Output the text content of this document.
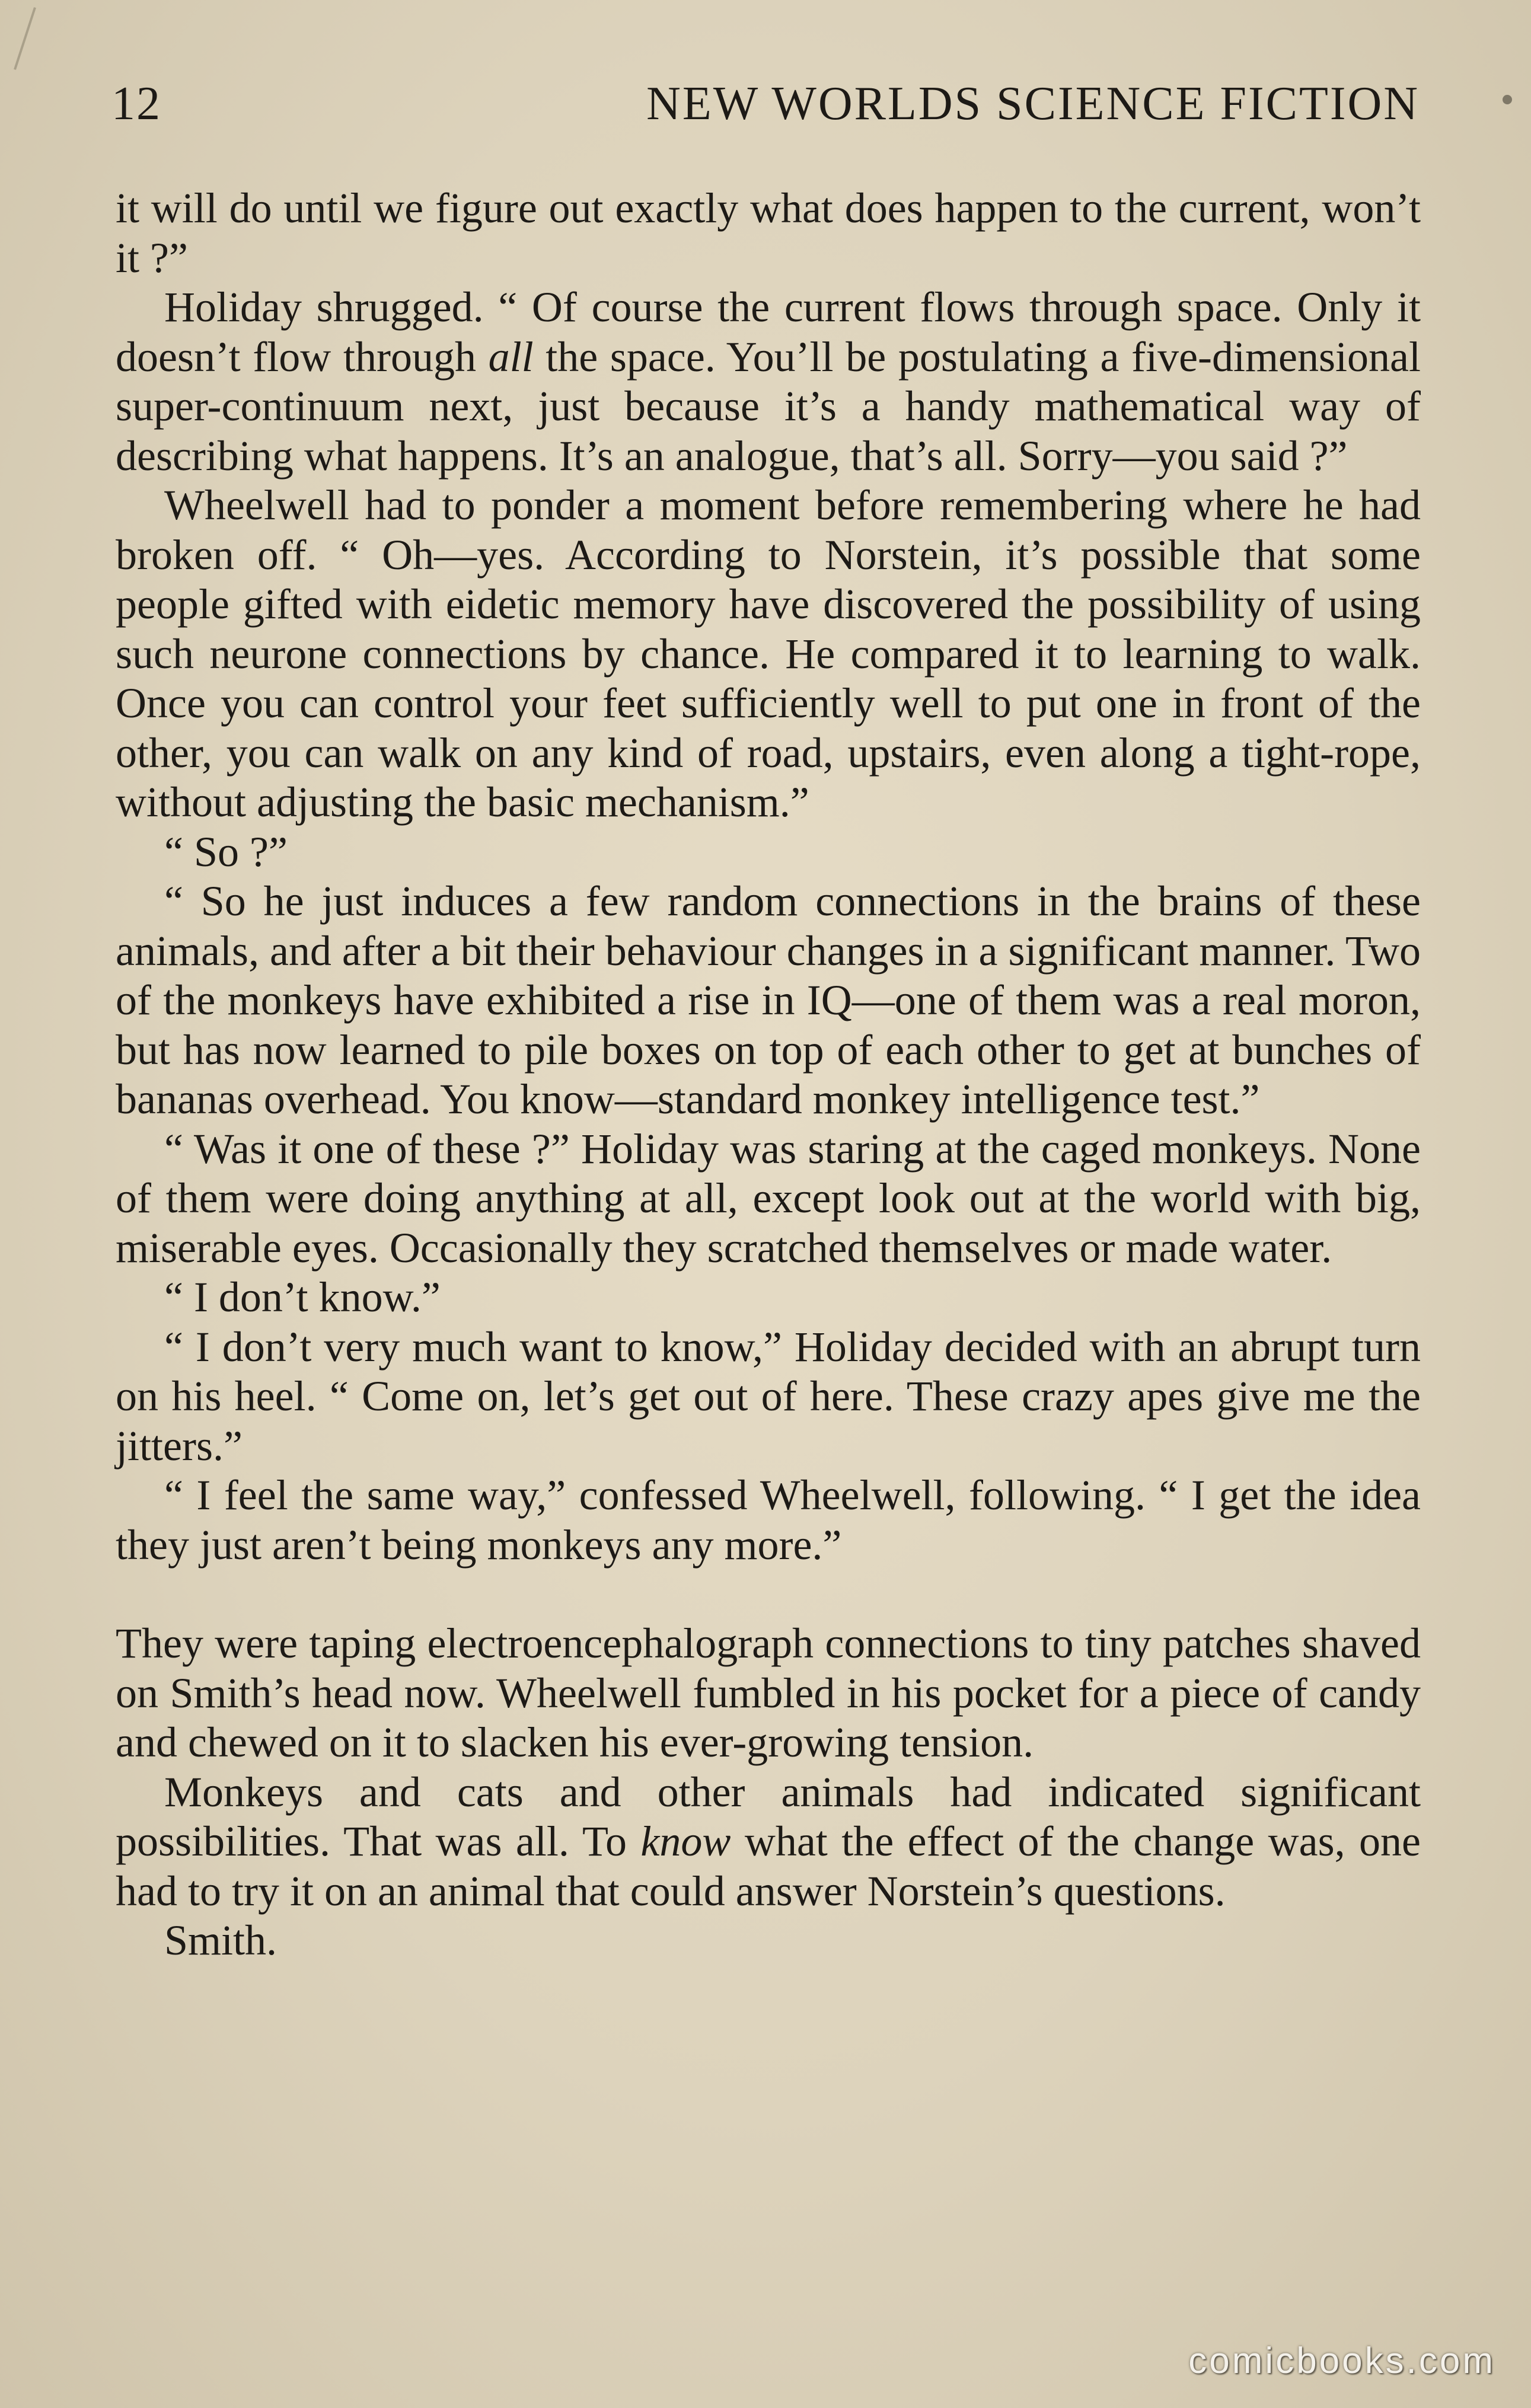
12	NEW WORLDS SCIENCE FICTION

it will do until we figure out exactly what does happen to the current, won’t it ?”

Holiday shrugged. “ Of course the current flows through space. Only it doesn’t flow through all the space. You’ll be postulating a five-dimensional super-continuum next, just because it’s a handy mathematical way of describing what happens. It’s an analogue, that’s all. Sorry—you said ?”

Wheelwell had to ponder a moment before remembering where he had broken off. “ Oh—yes. According to Norstein, it’s possible that some people gifted with eidetic memory have discovered the possibility of using such neurone connections by chance. He compared it to learning to walk. Once you can control your feet sufficiently well to put one in front of the other, you can walk on any kind of road, upstairs, even along a tight-rope, without adjusting the basic mechanism.”

“ So ?”

“ So he just induces a few random connections in the brains of these animals, and after a bit their behaviour changes in a significant manner. Two of the monkeys have exhibited a rise in IQ—one of them was a real moron, but has now learned to pile boxes on top of each other to get at bunches of bananas overhead. You know—standard monkey intelligence test.”

“ Was it one of these ?” Holiday was staring at the caged monkeys. None of them were doing anything at all, except look out at the world with big, miserable eyes. Occasionally they scratched themselves or made water.

“ I don’t know.”

“ I don’t very much want to know,” Holiday decided with an abrupt turn on his heel. “ Come on, let’s get out of here. These crazy apes give me the jitters.”

“ I feel the same way,” confessed Wheelwell, following. “ I get the idea they just aren’t being monkeys any more.”

They were taping electroencephalograph connections to tiny patches shaved on Smith’s head now. Wheelwell fumbled in his pocket for a piece of candy and chewed on it to slacken his ever-growing tension.

Monkeys and cats and other animals had indicated significant possibilities. That was all. To know what the effect of the change was, one had to try it on an animal that could answer Norstein’s questions.

Smith.

comicbooks.com
